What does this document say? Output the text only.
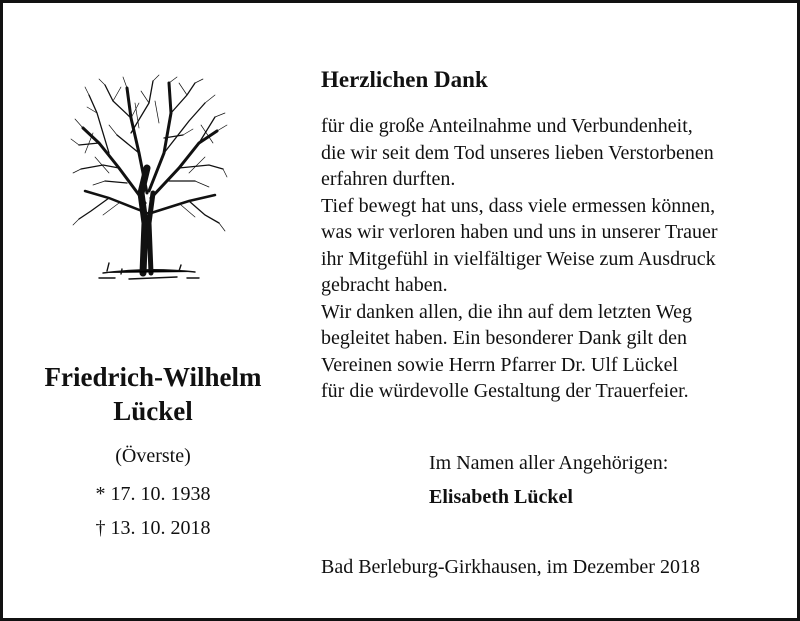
Friedrich-Wilhelm
Lückel
(Överste)
* 17. 10. 1938
† 13. 10. 2018
Herzlichen Dank
für die große Anteilnahme und Verbundenheit,
die wir seit dem Tod unseres lieben Verstorbenen
erfahren durften.
Tief bewegt hat uns, dass viele ermessen können,
was wir verloren haben und uns in unserer Trauer
ihr Mitgefühl in vielfältiger Weise zum Ausdruck
gebracht haben.
Wir danken allen, die ihn auf dem letzten Weg
begleitet haben. Ein besonderer Dank gilt den
Vereinen sowie Herrn Pfarrer Dr. Ulf Lückel
für die würdevolle Gestaltung der Trauerfeier.
Im Namen aller Angehörigen:
Elisabeth Lückel
Bad Berleburg-Girkhausen, im Dezember 2018
